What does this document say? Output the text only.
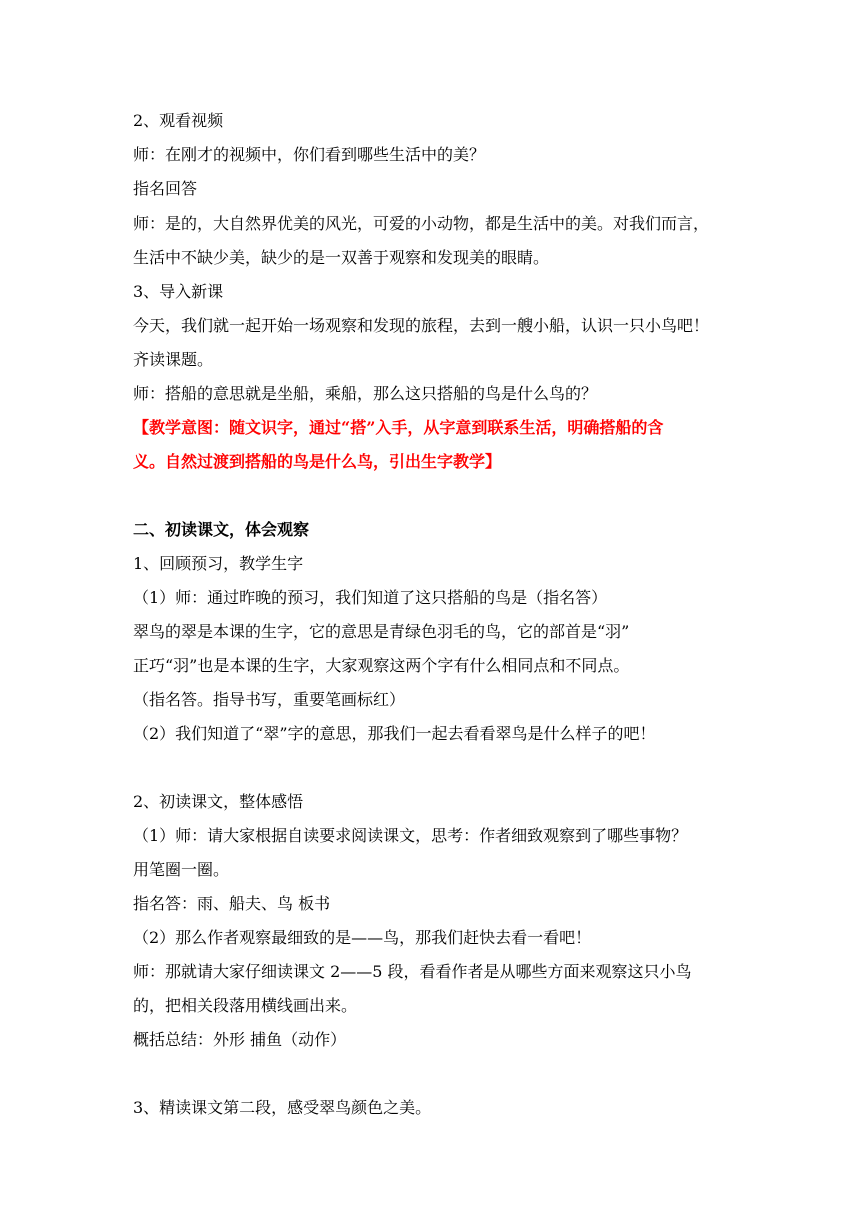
2、观看视频
师：在刚才的视频中，你们看到哪些生活中的美？
指名回答
师：是的，大自然界优美的风光，可爱的小动物，都是生活中的美。对我们而言，
生活中不缺少美，缺少的是一双善于观察和发现美的眼睛。
3、导入新课
今天，我们就一起开始一场观察和发现的旅程，去到一艘小船，认识一只小鸟吧！
齐读课题。
师：搭船的意思就是坐船，乘船，那么这只搭船的鸟是什么鸟的？
【教学意图：随文识字，通过“搭”入手，从字意到联系生活，明确搭船的含
义。自然过渡到搭船的鸟是什么鸟，引出生字教学】
二、初读课文，体会观察
1、回顾预习，教学生字
（1）师：通过昨晚的预习，我们知道了这只搭船的鸟是（指名答）
翠鸟的翠是本课的生字，它的意思是青绿色羽毛的鸟，它的部首是“羽”
正巧“羽”也是本课的生字，大家观察这两个字有什么相同点和不同点。
（指名答。指导书写，重要笔画标红）
（2）我们知道了“翠”字的意思，那我们一起去看看翠鸟是什么样子的吧！
2、初读课文，整体感悟
（1）师：请大家根据自读要求阅读课文，思考：作者细致观察到了哪些事物？
用笔圈一圈。
指名答：雨、船夫、鸟 板书
（2）那么作者观察最细致的是——鸟，那我们赶快去看一看吧！
师：那就请大家仔细读课文 2——5 段，看看作者是从哪些方面来观察这只小鸟
的，把相关段落用横线画出来。
概括总结：外形 捕鱼（动作）
3、精读课文第二段，感受翠鸟颜色之美。
